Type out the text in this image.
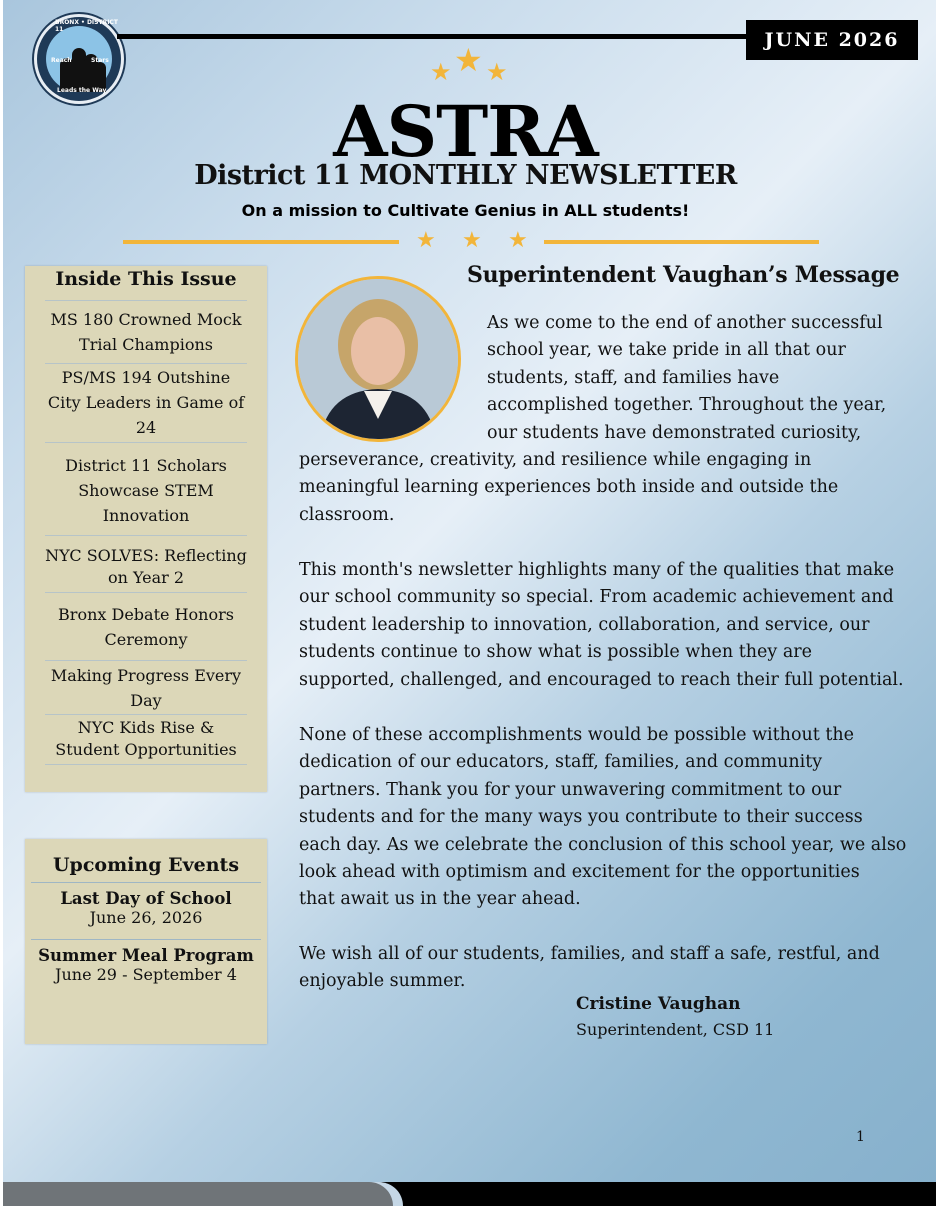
BRONX • DISTRICT 11
Leads the Way
Reach	Stars
JUNE 2026
★ ★ ★
ASTRA
District 11 MONTHLY NEWSLETTER
On a mission to Cultivate Genius in ALL students!
★ ★ ★
Inside This Issue
MS 180 Crowned Mock Trial Champions
PS/MS 194 Outshine City Leaders in Game of 24
District 11 Scholars Showcase STEM Innovation
NYC SOLVES: Reflecting on Year 2
Bronx Debate Honors Ceremony
Making Progress Every Day
NYC Kids Rise & Student Opportunities
Upcoming Events
Last Day of School
June 26, 2026
Summer Meal Program
June 29 - September 4
Superintendent Vaughan’s Message
As we come to the end of another successful
school year, we take pride in all that our
students, staff, and families have
accomplished together. Throughout the year,
our students have demonstrated curiosity,
perseverance, creativity, and resilience while engaging in
meaningful learning experiences both inside and outside the
classroom.
This month's newsletter highlights many of the qualities that make
our school community so special. From academic achievement and
student leadership to innovation, collaboration, and service, our
students continue to show what is possible when they are
supported, challenged, and encouraged to reach their full potential.
None of these accomplishments would be possible without the
dedication of our educators, staff, families, and community
partners. Thank you for your unwavering commitment to our
students and for the many ways you contribute to their success
each day. As we celebrate the conclusion of this school year, we also
look ahead with optimism and excitement for the opportunities
that await us in the year ahead.
We wish all of our students, families, and staff a safe, restful, and
enjoyable summer.
Cristine Vaughan
Superintendent, CSD 11
1
